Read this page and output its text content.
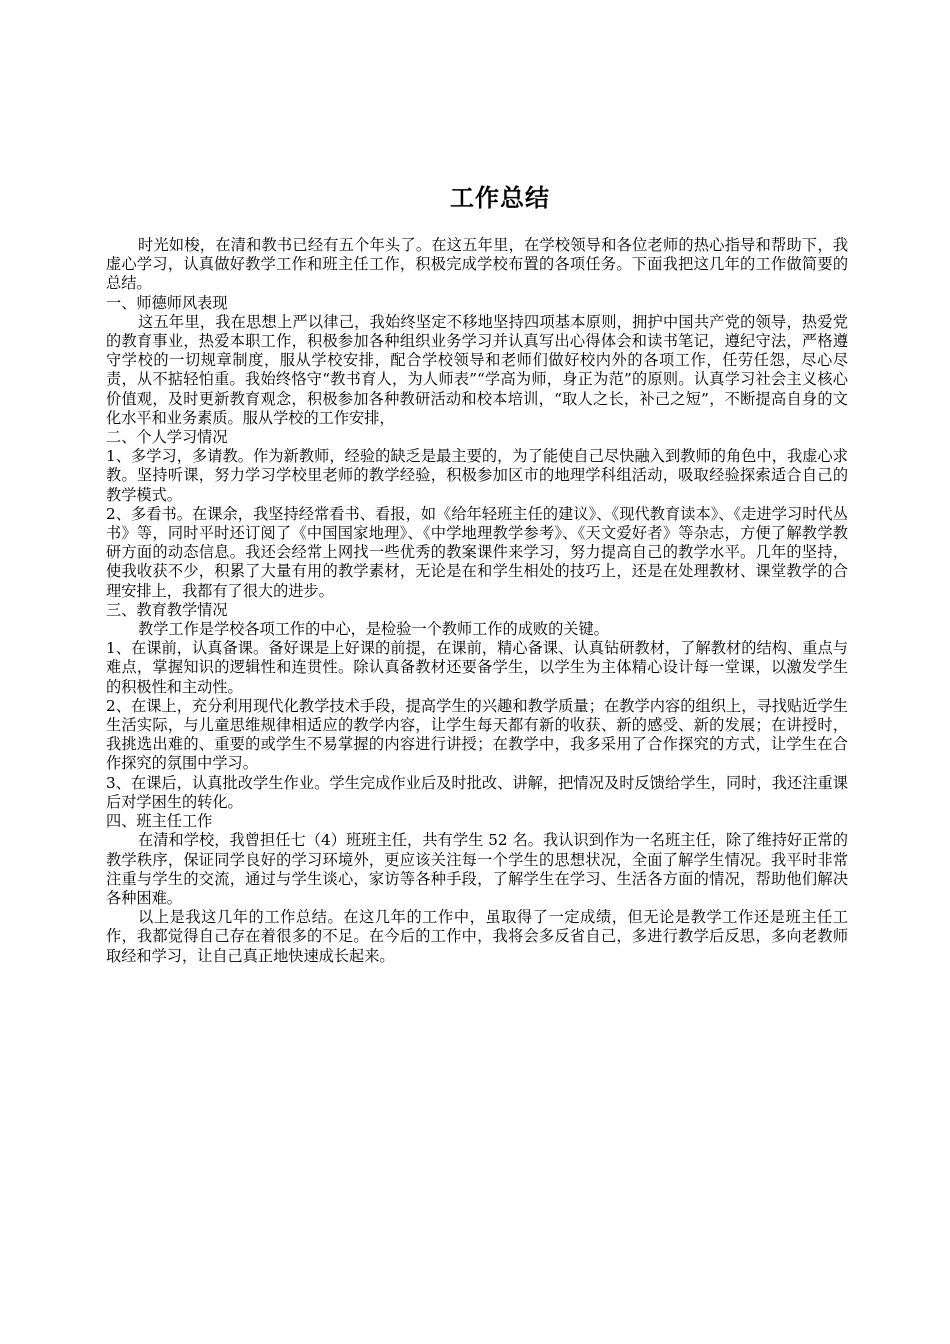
工作总结

时光如梭，在清和教书已经有五个年头了。在这五年里，在学校领导和各位老师的热心指导和帮助下，我虚心学习，认真做好教学工作和班主任工作，积极完成学校布置的各项任务。下面我把这几年的工作做简要的总结。

一、师德师风表现

这五年里，我在思想上严以律己，我始终坚定不移地坚持四项基本原则，拥护中国共产党的领导，热爱党的教育事业，热爱本职工作，积极参加各种组织业务学习并认真写出心得体会和读书笔记，遵纪守法，严格遵守学校的一切规章制度，服从学校安排，配合学校领导和老师们做好校内外的各项工作，任劳任怨，尽心尽责，从不掂轻怕重。我始终恪守“教书育人，为人师表”“学高为师，身正为范”的原则。认真学习社会主义核心价值观，及时更新教育观念，积极参加各种教研活动和校本培训，“取人之长，补己之短”，不断提高自身的文化水平和业务素质。服从学校的工作安排，

二、个人学习情况

1、多学习，多请教。作为新教师，经验的缺乏是最主要的，为了能使自己尽快融入到教师的角色中，我虚心求教。坚持听课，努力学习学校里老师的教学经验，积极参加区市的地理学科组活动，吸取经验探索适合自己的教学模式。

2、多看书。在课余，我坚持经常看书、看报，如《给年轻班主任的建议》、《现代教育读本》、《走进学习时代丛书》等，同时平时还订阅了《中国国家地理》、《中学地理教学参考》、《天文爱好者》等杂志，方便了解教学教研方面的动态信息。我还会经常上网找一些优秀的教案课件来学习，努力提高自己的教学水平。几年的坚持，使我收获不少，积累了大量有用的教学素材，无论是在和学生相处的技巧上，还是在处理教材、课堂教学的合理安排上，我都有了很大的进步。

三、教育教学情况

教学工作是学校各项工作的中心，是检验一个教师工作的成败的关键。

1、在课前，认真备课。备好课是上好课的前提，在课前，精心备课、认真钻研教材，了解教材的结构、重点与难点，掌握知识的逻辑性和连贯性。除认真备教材还要备学生，以学生为主体精心设计每一堂课，以激发学生的积极性和主动性。

2、在课上，充分利用现代化教学技术手段，提高学生的兴趣和教学质量；在教学内容的组织上，寻找贴近学生生活实际，与儿童思维规律相适应的教学内容，让学生每天都有新的收获、新的感受、新的发展；在讲授时，我挑选出难的、重要的或学生不易掌握的内容进行讲授；在教学中，我多采用了合作探究的方式，让学生在合作探究的氛围中学习。

3、在课后，认真批改学生作业。学生完成作业后及时批改、讲解，把情况及时反馈给学生，同时，我还注重课后对学困生的转化。

四、班主任工作

在清和学校，我曾担任七（4）班班主任，共有学生 52 名。我认识到作为一名班主任，除了维持好正常的教学秩序，保证同学良好的学习环境外，更应该关注每一个学生的思想状况，全面了解学生情况。我平时非常注重与学生的交流，通过与学生谈心，家访等各种手段，了解学生在学习、生活各方面的情况，帮助他们解决各种困难。

以上是我这几年的工作总结。在这几年的工作中，虽取得了一定成绩，但无论是教学工作还是班主任工作，我都觉得自己存在着很多的不足。在今后的工作中，我将会多反省自己，多进行教学后反思，多向老教师取经和学习，让自己真正地快速成长起来。
